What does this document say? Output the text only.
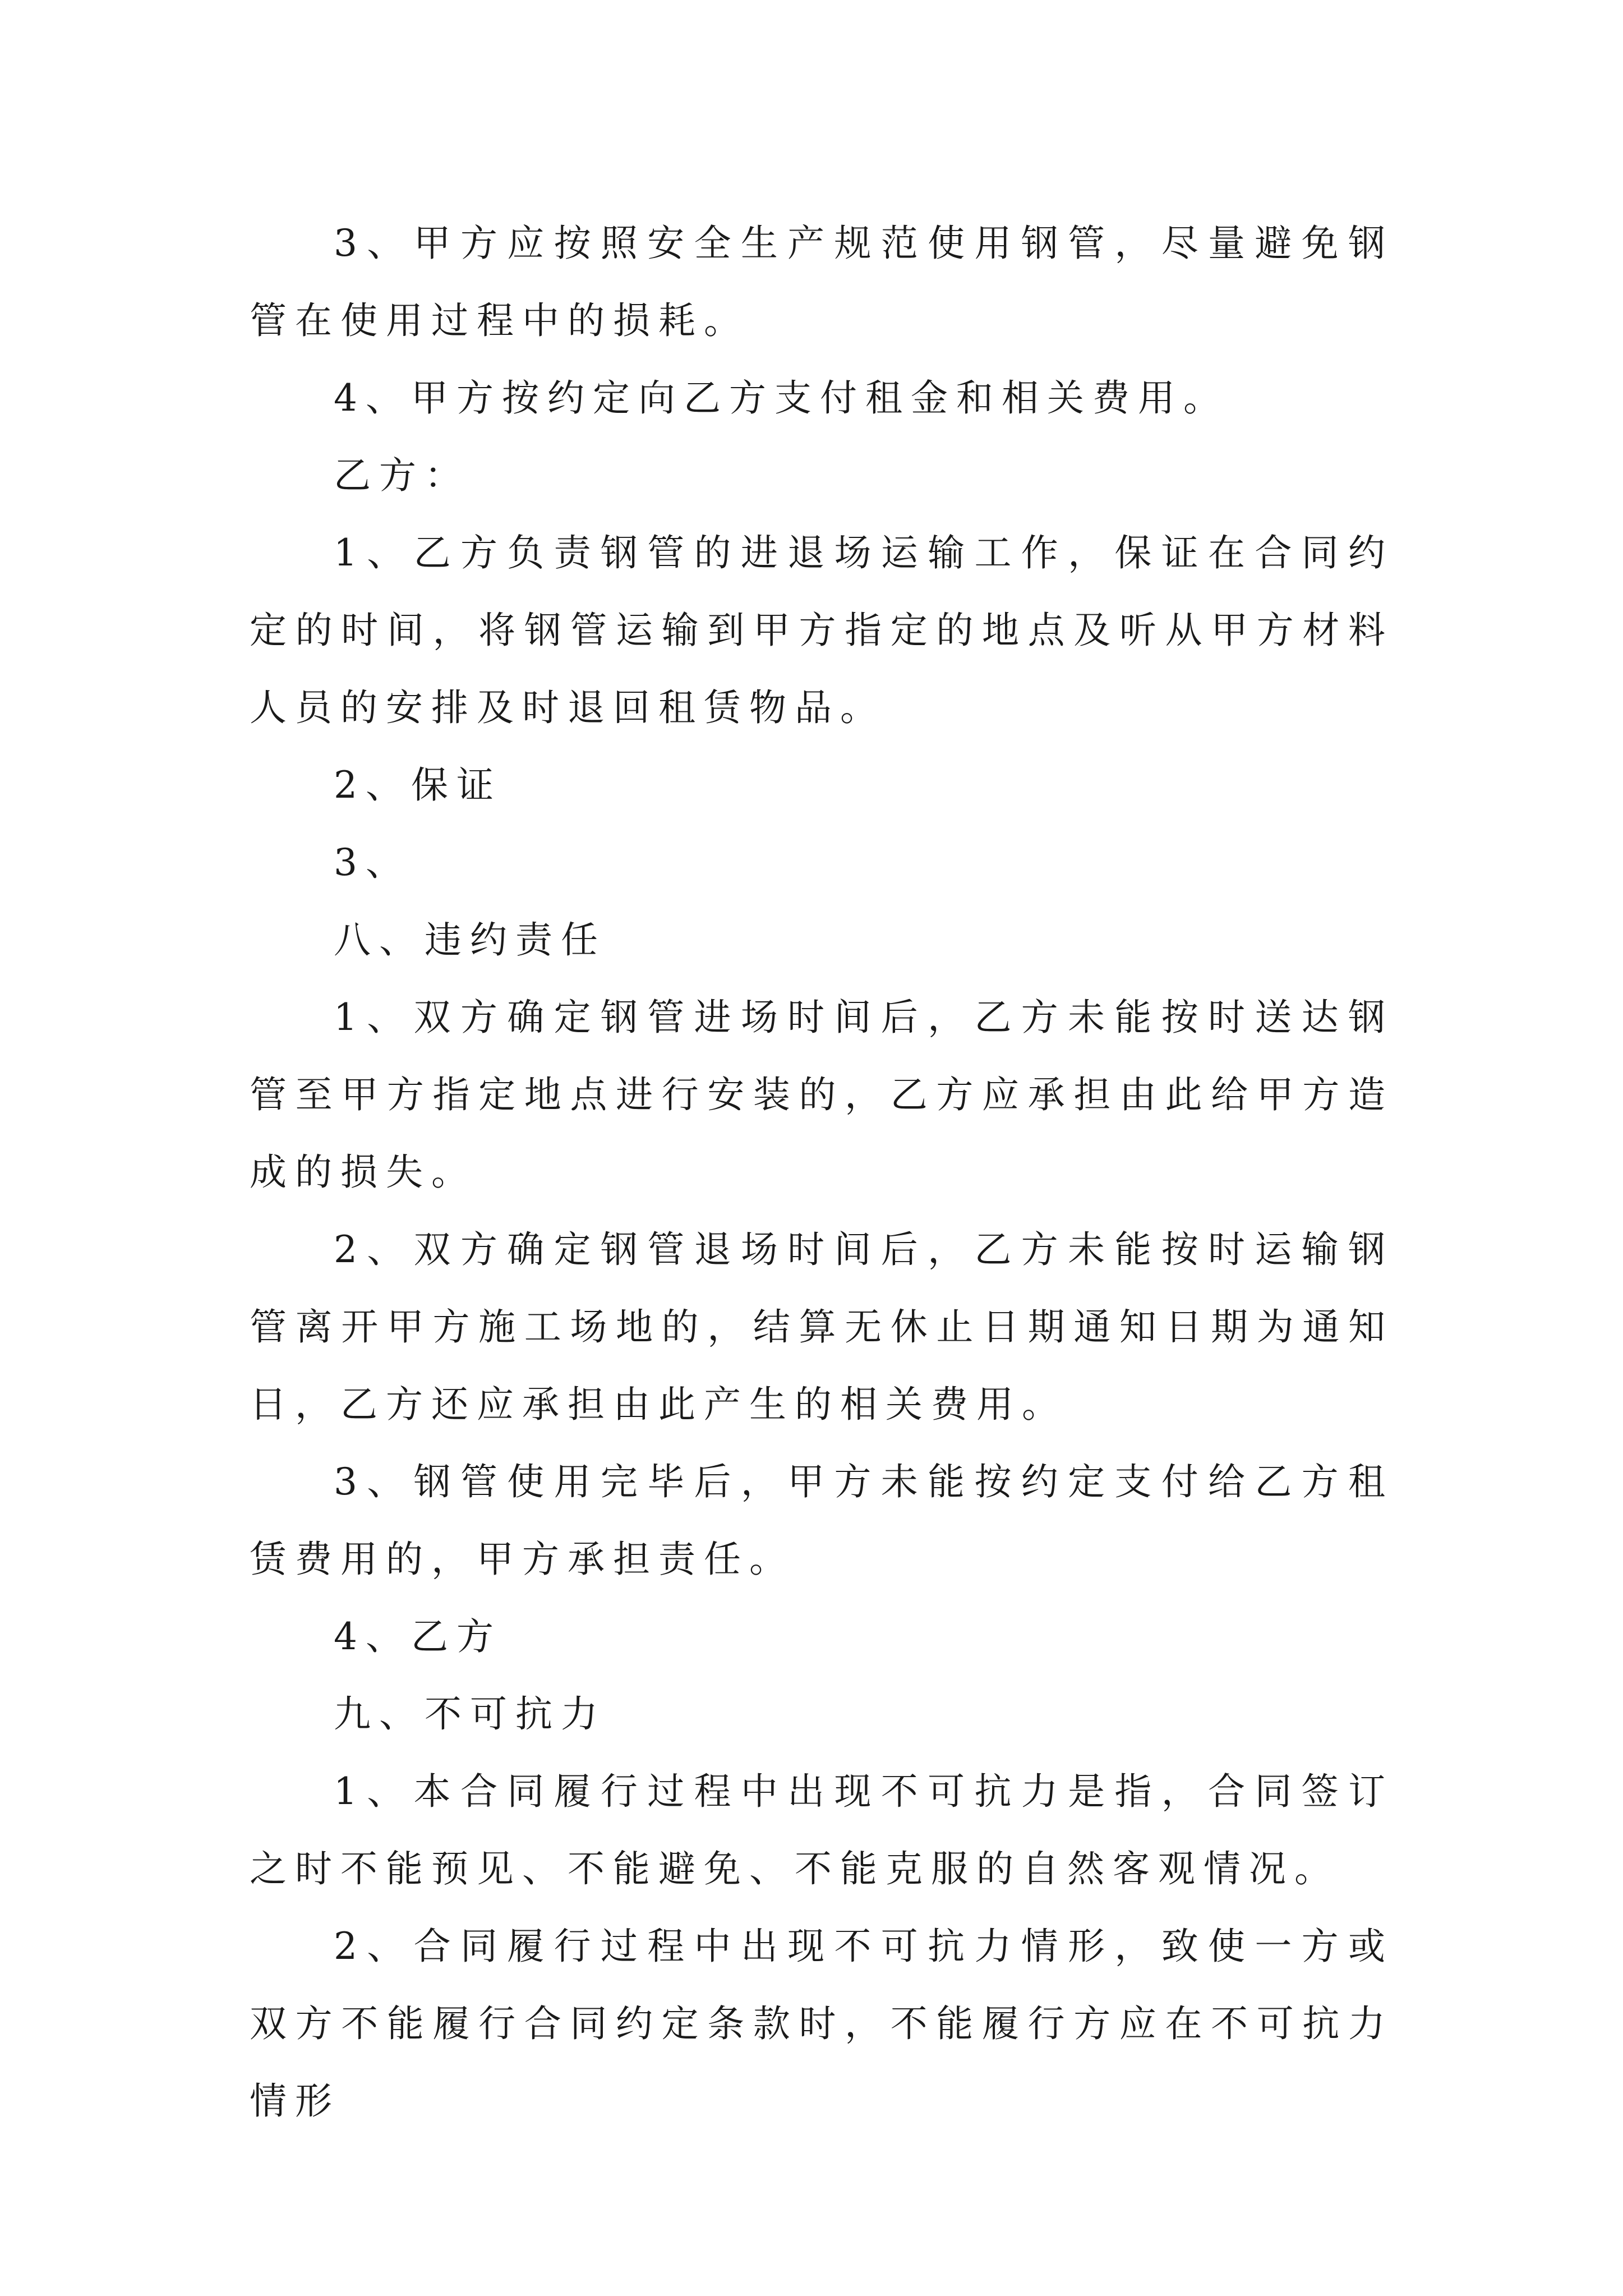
3、甲方应按照安全生产规范使用钢管，尽量避免钢管在使用过程中的损耗。

4、甲方按约定向乙方支付租金和相关费用。

乙方：

1、乙方负责钢管的进退场运输工作，保证在合同约定的时间，将钢管运输到甲方指定的地点及听从甲方材料人员的安排及时退回租赁物品。

2、保证

3、

八、违约责任

1、双方确定钢管进场时间后，乙方未能按时送达钢管至甲方指定地点进行安装的，乙方应承担由此给甲方造成的损失。

2、双方确定钢管退场时间后，乙方未能按时运输钢管离开甲方施工场地的，结算无休止日期通知日期为通知日，乙方还应承担由此产生的相关费用。

3、钢管使用完毕后，甲方未能按约定支付给乙方租赁费用的，甲方承担责任。

4、乙方

九、不可抗力

1、本合同履行过程中出现不可抗力是指，合同签订之时不能预见、不能避免、不能克服的自然客观情况。

2、合同履行过程中出现不可抗力情形，致使一方或双方不能履行合同约定条款时，不能履行方应在不可抗力情形
